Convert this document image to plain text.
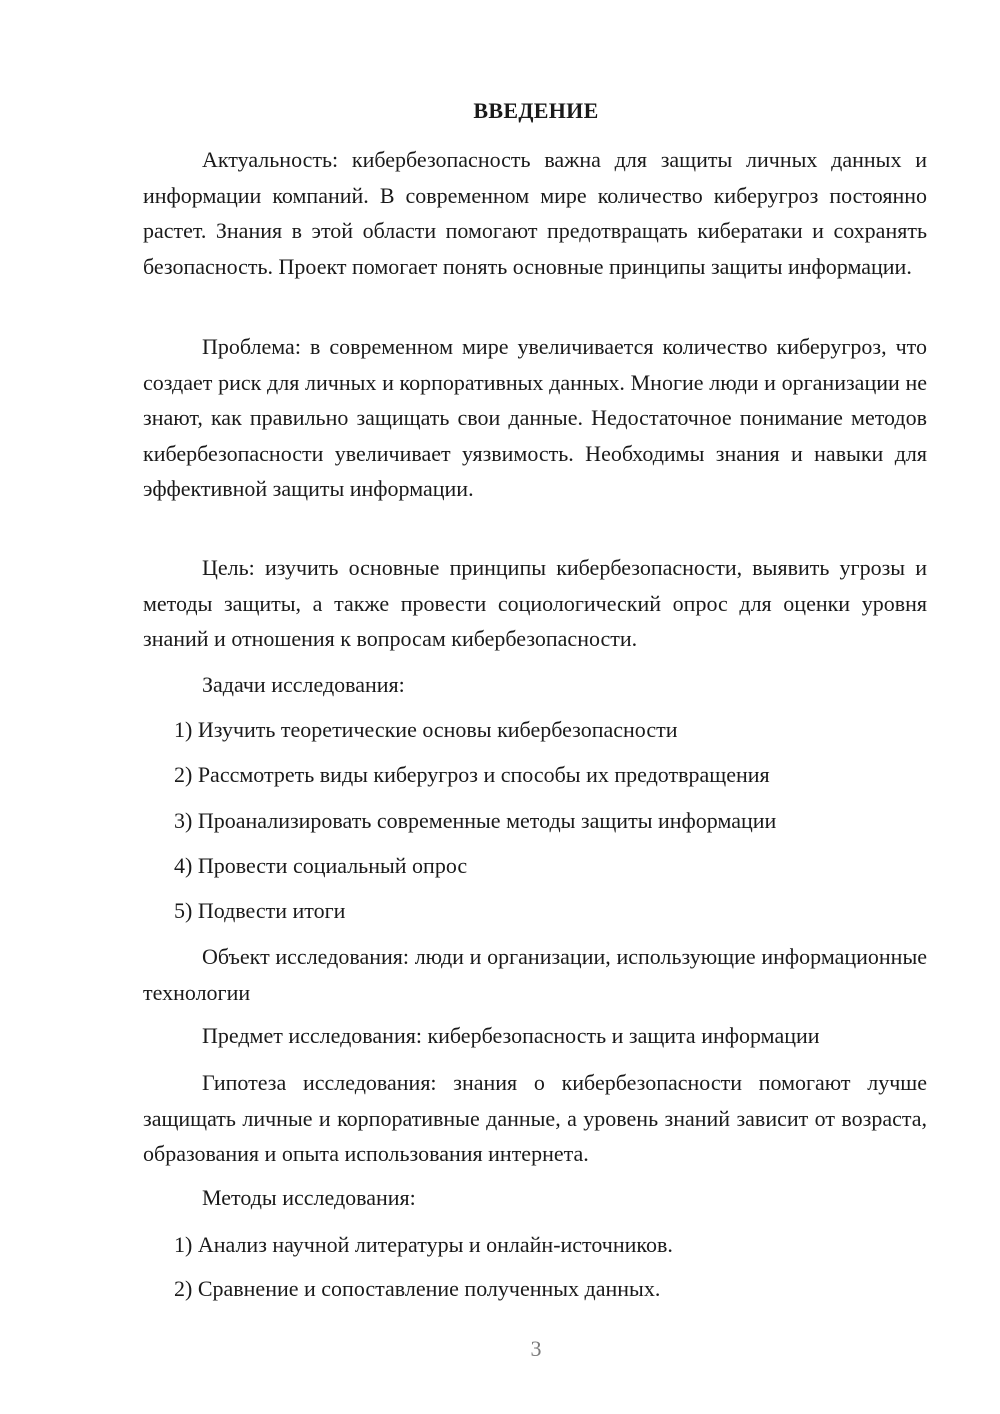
ВВЕДЕНИЕ

Актуальность: кибербезопасность важна для защиты личных данных и информации компаний. В современном мире количество киберугроз постоянно растет. Знания в этой области помогают предотвращать кибератаки и сохранять безопасность. Проект помогает понять основные принципы защиты информации.

Проблема: в современном мире увеличивается количество киберугроз, что создает риск для личных и корпоративных данных. Многие люди и организации не знают, как правильно защищать свои данные. Недостаточное понимание методов кибербезопасности увеличивает уязвимость. Необходимы знания и навыки для эффективной защиты информации.

Цель: изучить основные принципы кибербезопасности, выявить угрозы и методы защиты, а также провести социологический опрос для оценки уровня знаний и отношения к вопросам кибербезопасности.

Задачи исследования:
1) Изучить теоретические основы кибербезопасности
2) Рассмотреть виды киберугроз и способы их предотвращения
3) Проанализировать современные методы защиты информации
4) Провести социальный опрос
5) Подвести итоги

Объект исследования: люди и организации, использующие информационные технологии

Предмет исследования: кибербезопасность и защита информации

Гипотеза исследования: знания о кибербезопасности помогают лучше защищать личные и корпоративные данные, а уровень знаний зависит от возраста, образования и опыта использования интернета.

Методы исследования:
1) Анализ научной литературы и онлайн-источников.
2) Сравнение и сопоставление полученных данных.
3
